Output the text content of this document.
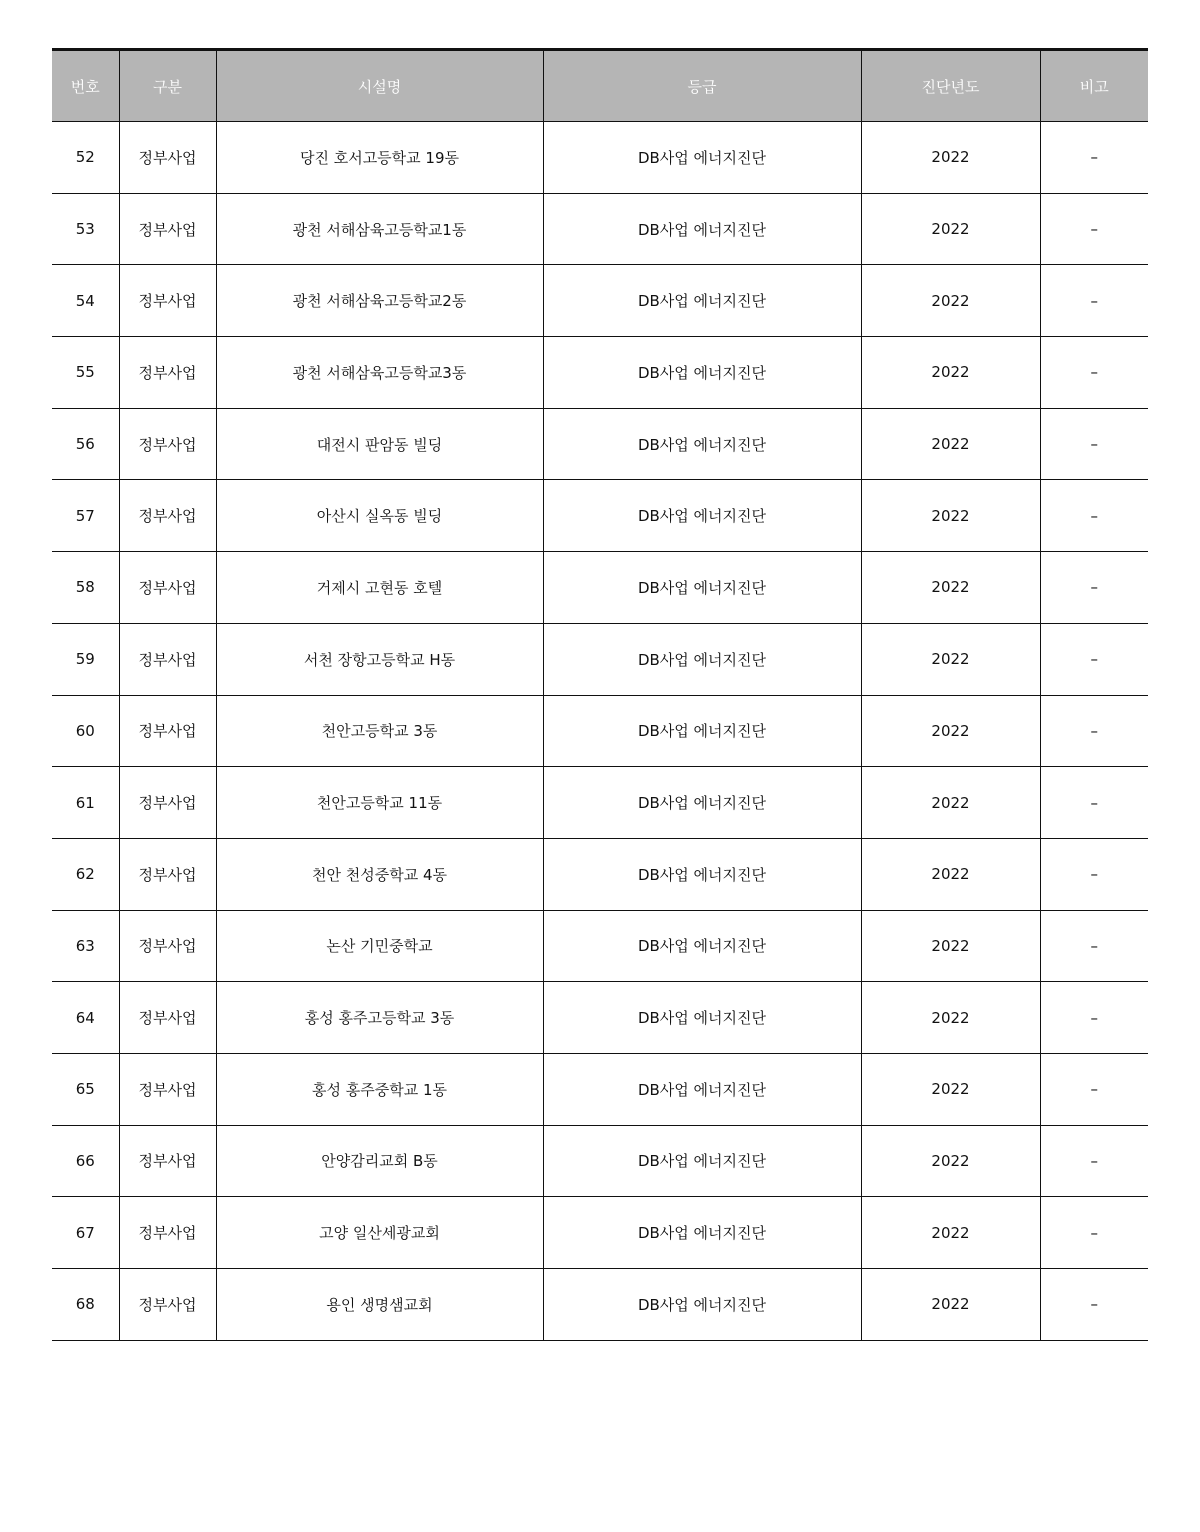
번호	구분	시설명	등급	진단년도	비고
52	정부사업	당진 호서고등학교 19동	DB사업 에너지진단	2022	–
53	정부사업	광천 서해삼육고등학교1동	DB사업 에너지진단	2022	–
54	정부사업	광천 서해삼육고등학교2동	DB사업 에너지진단	2022	–
55	정부사업	광천 서해삼육고등학교3동	DB사업 에너지진단	2022	–
56	정부사업	대전시 판암동 빌딩	DB사업 에너지진단	2022	–
57	정부사업	아산시 실옥동 빌딩	DB사업 에너지진단	2022	–
58	정부사업	거제시 고현동 호텔	DB사업 에너지진단	2022	–
59	정부사업	서천 장항고등학교 H동	DB사업 에너지진단	2022	–
60	정부사업	천안고등학교 3동	DB사업 에너지진단	2022	–
61	정부사업	천안고등학교 11동	DB사업 에너지진단	2022	–
62	정부사업	천안 천성중학교 4동	DB사업 에너지진단	2022	–
63	정부사업	논산 기민중학교	DB사업 에너지진단	2022	–
64	정부사업	홍성 홍주고등학교 3동	DB사업 에너지진단	2022	–
65	정부사업	홍성 홍주중학교 1동	DB사업 에너지진단	2022	–
66	정부사업	안양감리교회 B동	DB사업 에너지진단	2022	–
67	정부사업	고양 일산세광교회	DB사업 에너지진단	2022	–
68	정부사업	용인 생명샘교회	DB사업 에너지진단	2022	–
